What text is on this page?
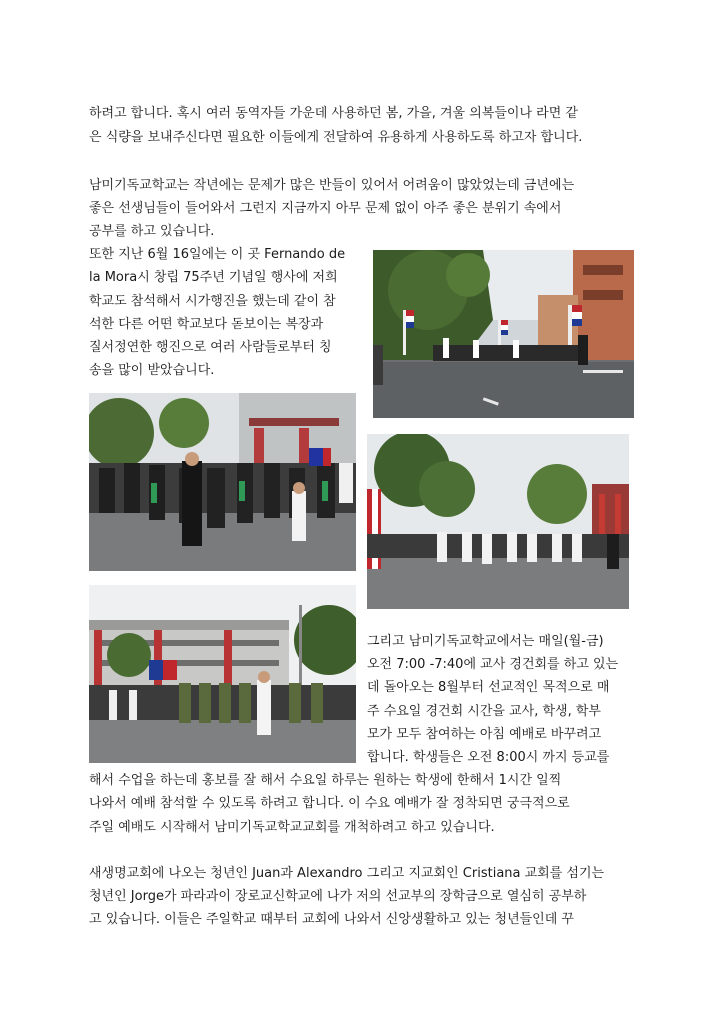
하려고 합니다. 혹시 여러 동역자들 가운데 사용하던 봄, 가을, 겨울 의복들이나 라면 같
은 식량을 보내주신다면 필요한 이들에게 전달하여 유용하게 사용하도록 하고자 합니다.
남미기독교학교는 작년에는 문제가 많은 반들이 있어서 어려움이 많았었는데 금년에는
좋은 선생님들이 들어와서 그런지 지금까지 아무 문제 없이 아주 좋은 분위기 속에서
공부를 하고 있습니다.
또한 지난 6월 16일에는 이 곳 Fernando de
la Mora시 창립 75주년 기념일 행사에 저희
학교도 참석해서 시가행진을 했는데 같이 참
석한 다른 어떤 학교보다 돋보이는 복장과
질서정연한 행진으로 여러 사람들로부터 칭
송을 많이 받았습니다.
그리고 남미기독교학교에서는 매일(월-금)
오전 7:00 -7:40에 교사 경건회를 하고 있는
데 돌아오는 8월부터 선교적인 목적으로 매
주 수요일 경건회 시간을 교사, 학생, 학부
모가 모두 참여하는 아침 예배로 바꾸려고
합니다. 학생들은 오전 8:00시 까지 등교를
해서 수업을 하는데 홍보를 잘 해서 수요일 하루는 원하는 학생에 한해서 1시간 일찍
나와서 예배 참석할 수 있도록 하려고 합니다. 이 수요 예배가 잘 정착되면 궁극적으로
주일 예배도 시작해서 남미기독교학교교회를 개척하려고 하고 있습니다.
새생명교회에 나오는 청년인 Juan과 Alexandro 그리고 지교회인 Cristiana 교회를 섬기는
청년인 Jorge가 파라과이 장로교신학교에 나가 저의 선교부의 장학금으로 열심히 공부하
고 있습니다. 이들은 주일학교 때부터 교회에 나와서 신앙생활하고 있는 청년들인데 꾸
